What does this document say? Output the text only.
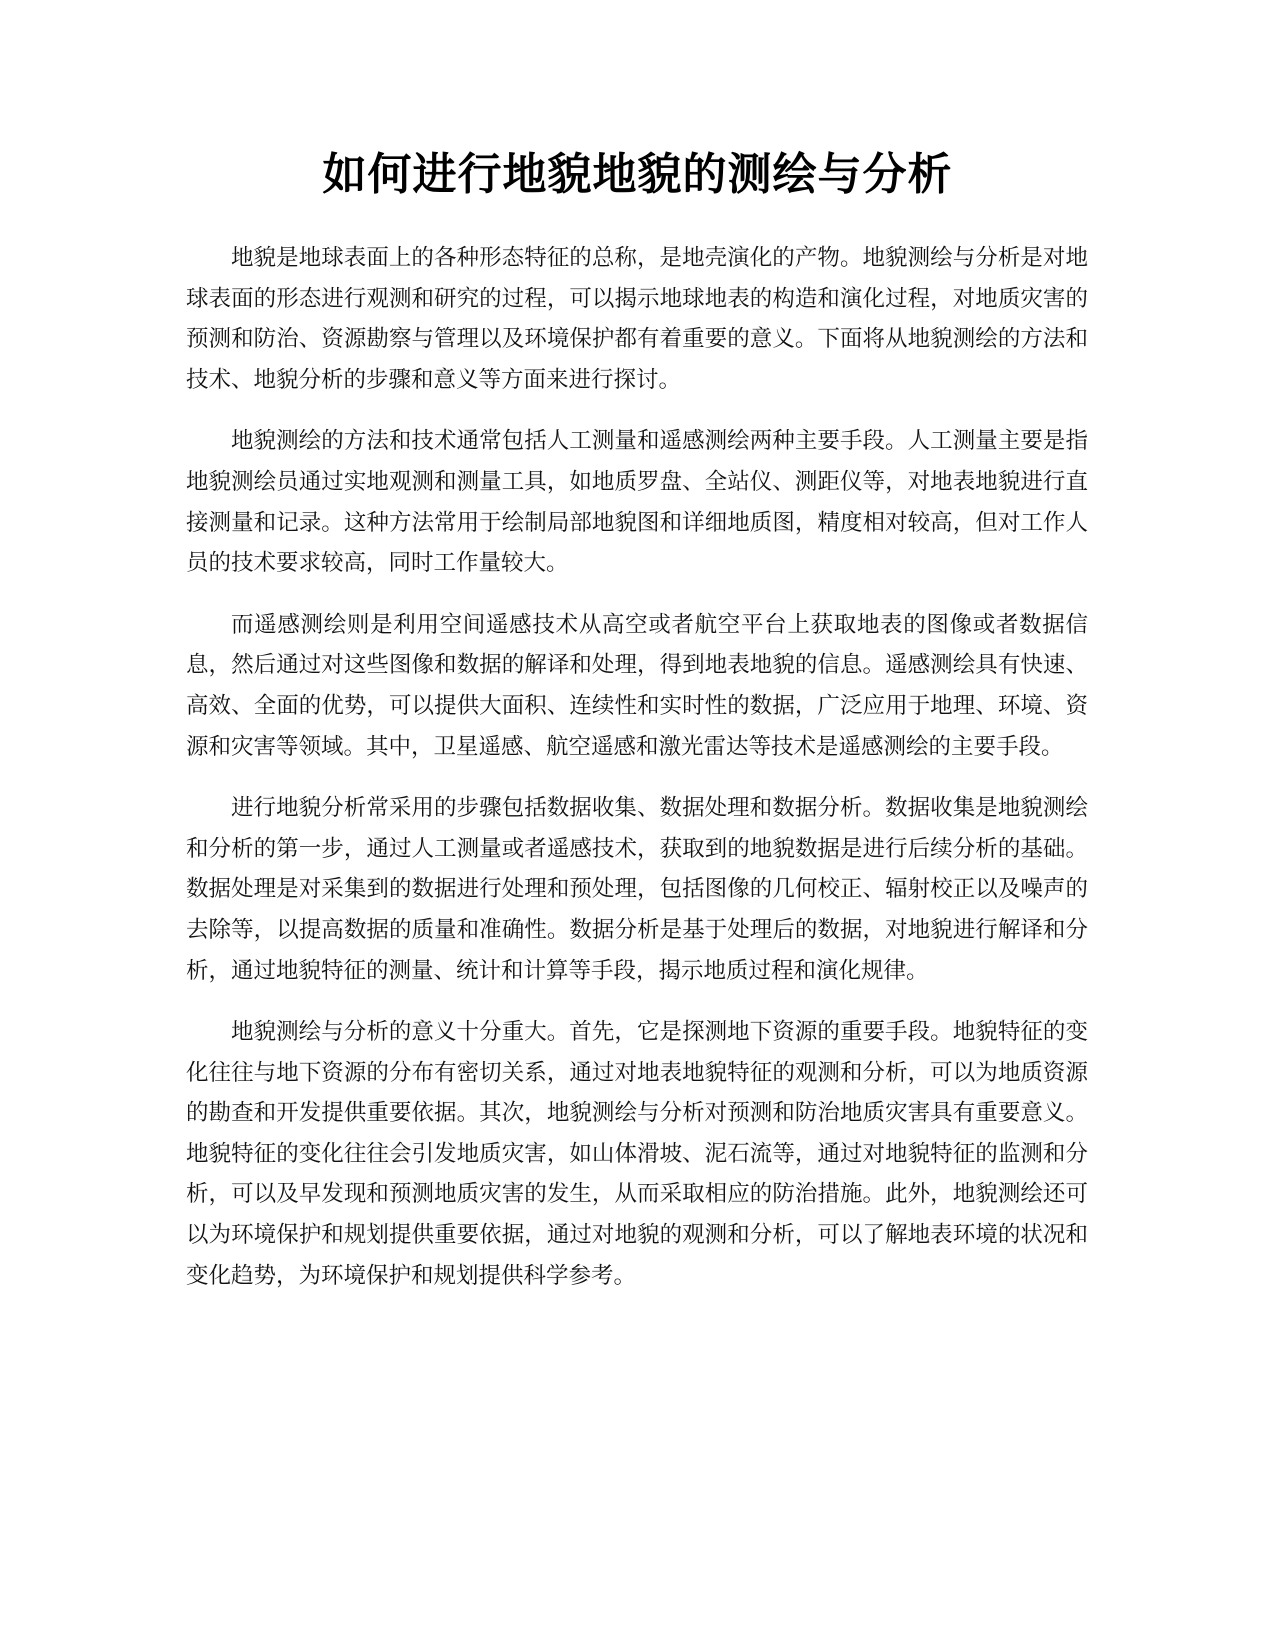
如何进行地貌地貌的测绘与分析

地貌是地球表面上的各种形态特征的总称，是地壳演化的产物。地貌测绘与分析是对地球表面的形态进行观测和研究的过程，可以揭示地球地表的构造和演化过程，对地质灾害的预测和防治、资源勘察与管理以及环境保护都有着重要的意义。下面将从地貌测绘的方法和技术、地貌分析的步骤和意义等方面来进行探讨。

地貌测绘的方法和技术通常包括人工测量和遥感测绘两种主要手段。人工测量主要是指地貌测绘员通过实地观测和测量工具，如地质罗盘、全站仪、测距仪等，对地表地貌进行直接测量和记录。这种方法常用于绘制局部地貌图和详细地质图，精度相对较高，但对工作人员的技术要求较高，同时工作量较大。

而遥感测绘则是利用空间遥感技术从高空或者航空平台上获取地表的图像或者数据信息，然后通过对这些图像和数据的解译和处理，得到地表地貌的信息。遥感测绘具有快速、高效、全面的优势，可以提供大面积、连续性和实时性的数据，广泛应用于地理、环境、资源和灾害等领域。其中，卫星遥感、航空遥感和激光雷达等技术是遥感测绘的主要手段。

进行地貌分析常采用的步骤包括数据收集、数据处理和数据分析。数据收集是地貌测绘和分析的第一步，通过人工测量或者遥感技术，获取到的地貌数据是进行后续分析的基础。数据处理是对采集到的数据进行处理和预处理，包括图像的几何校正、辐射校正以及噪声的去除等，以提高数据的质量和准确性。数据分析是基于处理后的数据，对地貌进行解译和分析，通过地貌特征的测量、统计和计算等手段，揭示地质过程和演化规律。

地貌测绘与分析的意义十分重大。首先，它是探测地下资源的重要手段。地貌特征的变化往往与地下资源的分布有密切关系，通过对地表地貌特征的观测和分析，可以为地质资源的勘查和开发提供重要依据。其次，地貌测绘与分析对预测和防治地质灾害具有重要意义。地貌特征的变化往往会引发地质灾害，如山体滑坡、泥石流等，通过对地貌特征的监测和分析，可以及早发现和预测地质灾害的发生，从而采取相应的防治措施。此外，地貌测绘还可以为环境保护和规划提供重要依据，通过对地貌的观测和分析，可以了解地表环境的状况和变化趋势，为环境保护和规划提供科学参考。
